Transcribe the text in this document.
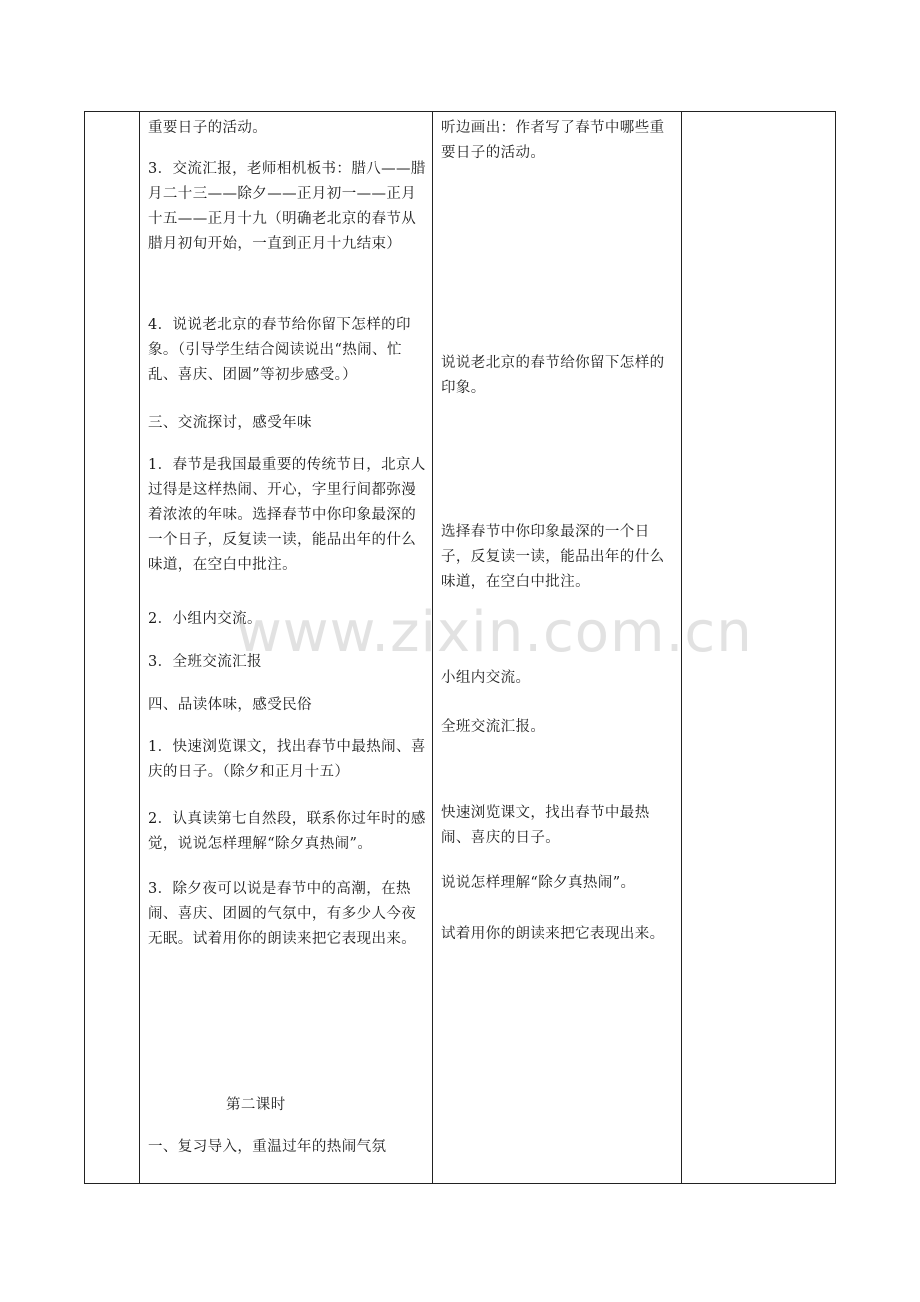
重要日子的活动。

3．交流汇报，老师相机板书：腊八——腊月二十三——除夕——正月初一——正月十五——正月十九（明确老北京的春节从腊月初旬开始，一直到正月十九结束）

4．说说老北京的春节给你留下怎样的印象。（引导学生结合阅读说出“热闹、忙乱、喜庆、团圆”等初步感受。）

三、交流探讨，感受年味

1．春节是我国最重要的传统节日，北京人过得是这样热闹、开心，字里行间都弥漫着浓浓的年味。选择春节中你印象最深的一个日子，反复读一读，能品出年的什么味道，在空白中批注。

2．小组内交流。

3．全班交流汇报

四、品读体味，感受民俗

1．快速浏览课文，找出春节中最热闹、喜庆的日子。（除夕和正月十五）

2．认真读第七自然段，联系你过年时的感觉，说说怎样理解“除夕真热闹”。

3．除夕夜可以说是春节中的高潮，在热闹、喜庆、团圆的气氛中，有多少人今夜无眠。试着用你的朗读来把它表现出来。

第二课时

一、复习导入，重温过年的热闹气氛

听边画出：作者写了春节中哪些重要日子的活动。

说说老北京的春节给你留下怎样的印象。

选择春节中你印象最深的一个日子，反复读一读，能品出年的什么味道，在空白中批注。

小组内交流。

全班交流汇报。

快速浏览课文，找出春节中最热闹、喜庆的日子。

说说怎样理解“除夕真热闹”。

试着用你的朗读来把它表现出来。

www.zixin.com.cn
